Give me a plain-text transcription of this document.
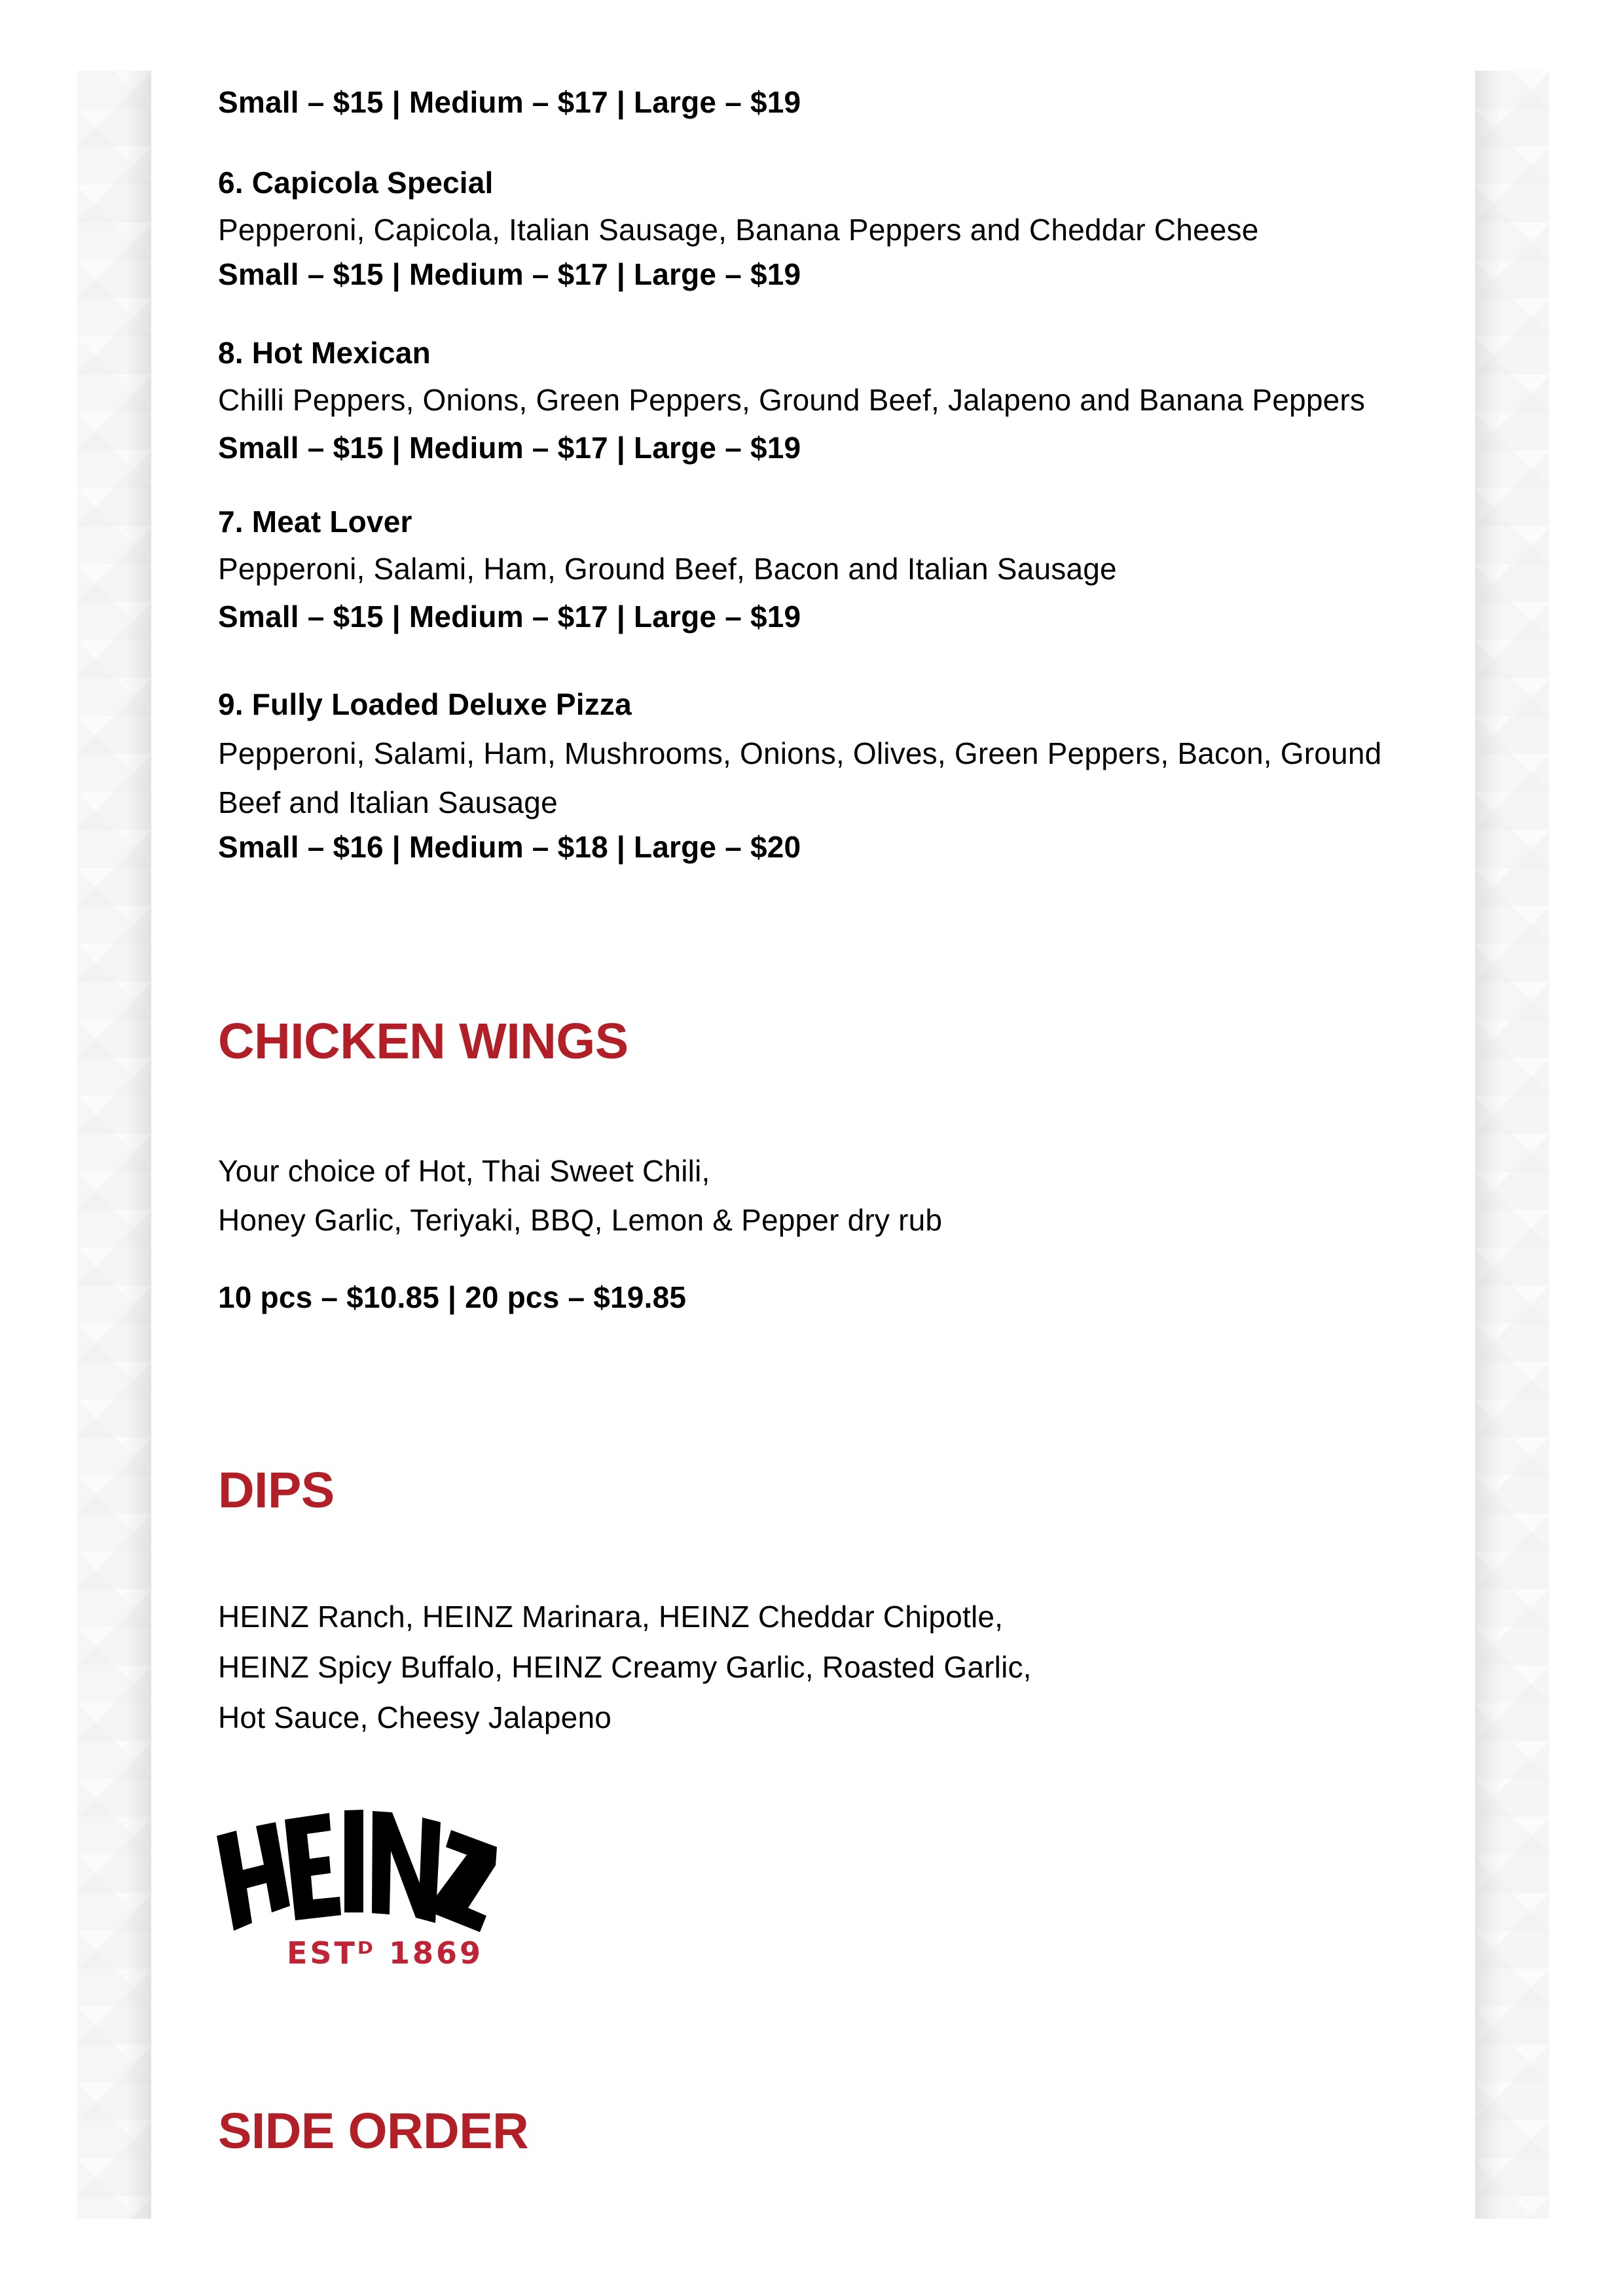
Small – $15 | Medium – $17 | Large – $19
6. Capicola Special
Pepperoni, Capicola, Italian Sausage, Banana Peppers and Cheddar Cheese
Small – $15 | Medium – $17 | Large – $19
8. Hot Mexican
Chilli Peppers, Onions, Green Peppers, Ground Beef, Jalapeno and Banana Peppers
Small – $15 | Medium – $17 | Large – $19
7. Meat Lover
Pepperoni, Salami, Ham, Ground Beef, Bacon and Italian Sausage
Small – $15 | Medium – $17 | Large – $19
9. Fully Loaded Deluxe Pizza
Pepperoni, Salami, Ham, Mushrooms, Onions, Olives, Green Peppers, Bacon, Ground
Beef and Italian Sausage
Small – $16 | Medium – $18 | Large – $20
CHICKEN WINGS
Your choice of Hot, Thai Sweet Chili,
Honey Garlic, Teriyaki, BBQ, Lemon & Pepper dry rub
10 pcs – $10.85 | 20 pcs – $19.85
DIPS
HEINZ Ranch, HEINZ Marinara, HEINZ Cheddar Chipotle,
HEINZ Spicy Buffalo, HEINZ Creamy Garlic, Roasted Garlic,
Hot Sauce, Cheesy Jalapeno
ESTᴰ 1869
SIDE ORDER
